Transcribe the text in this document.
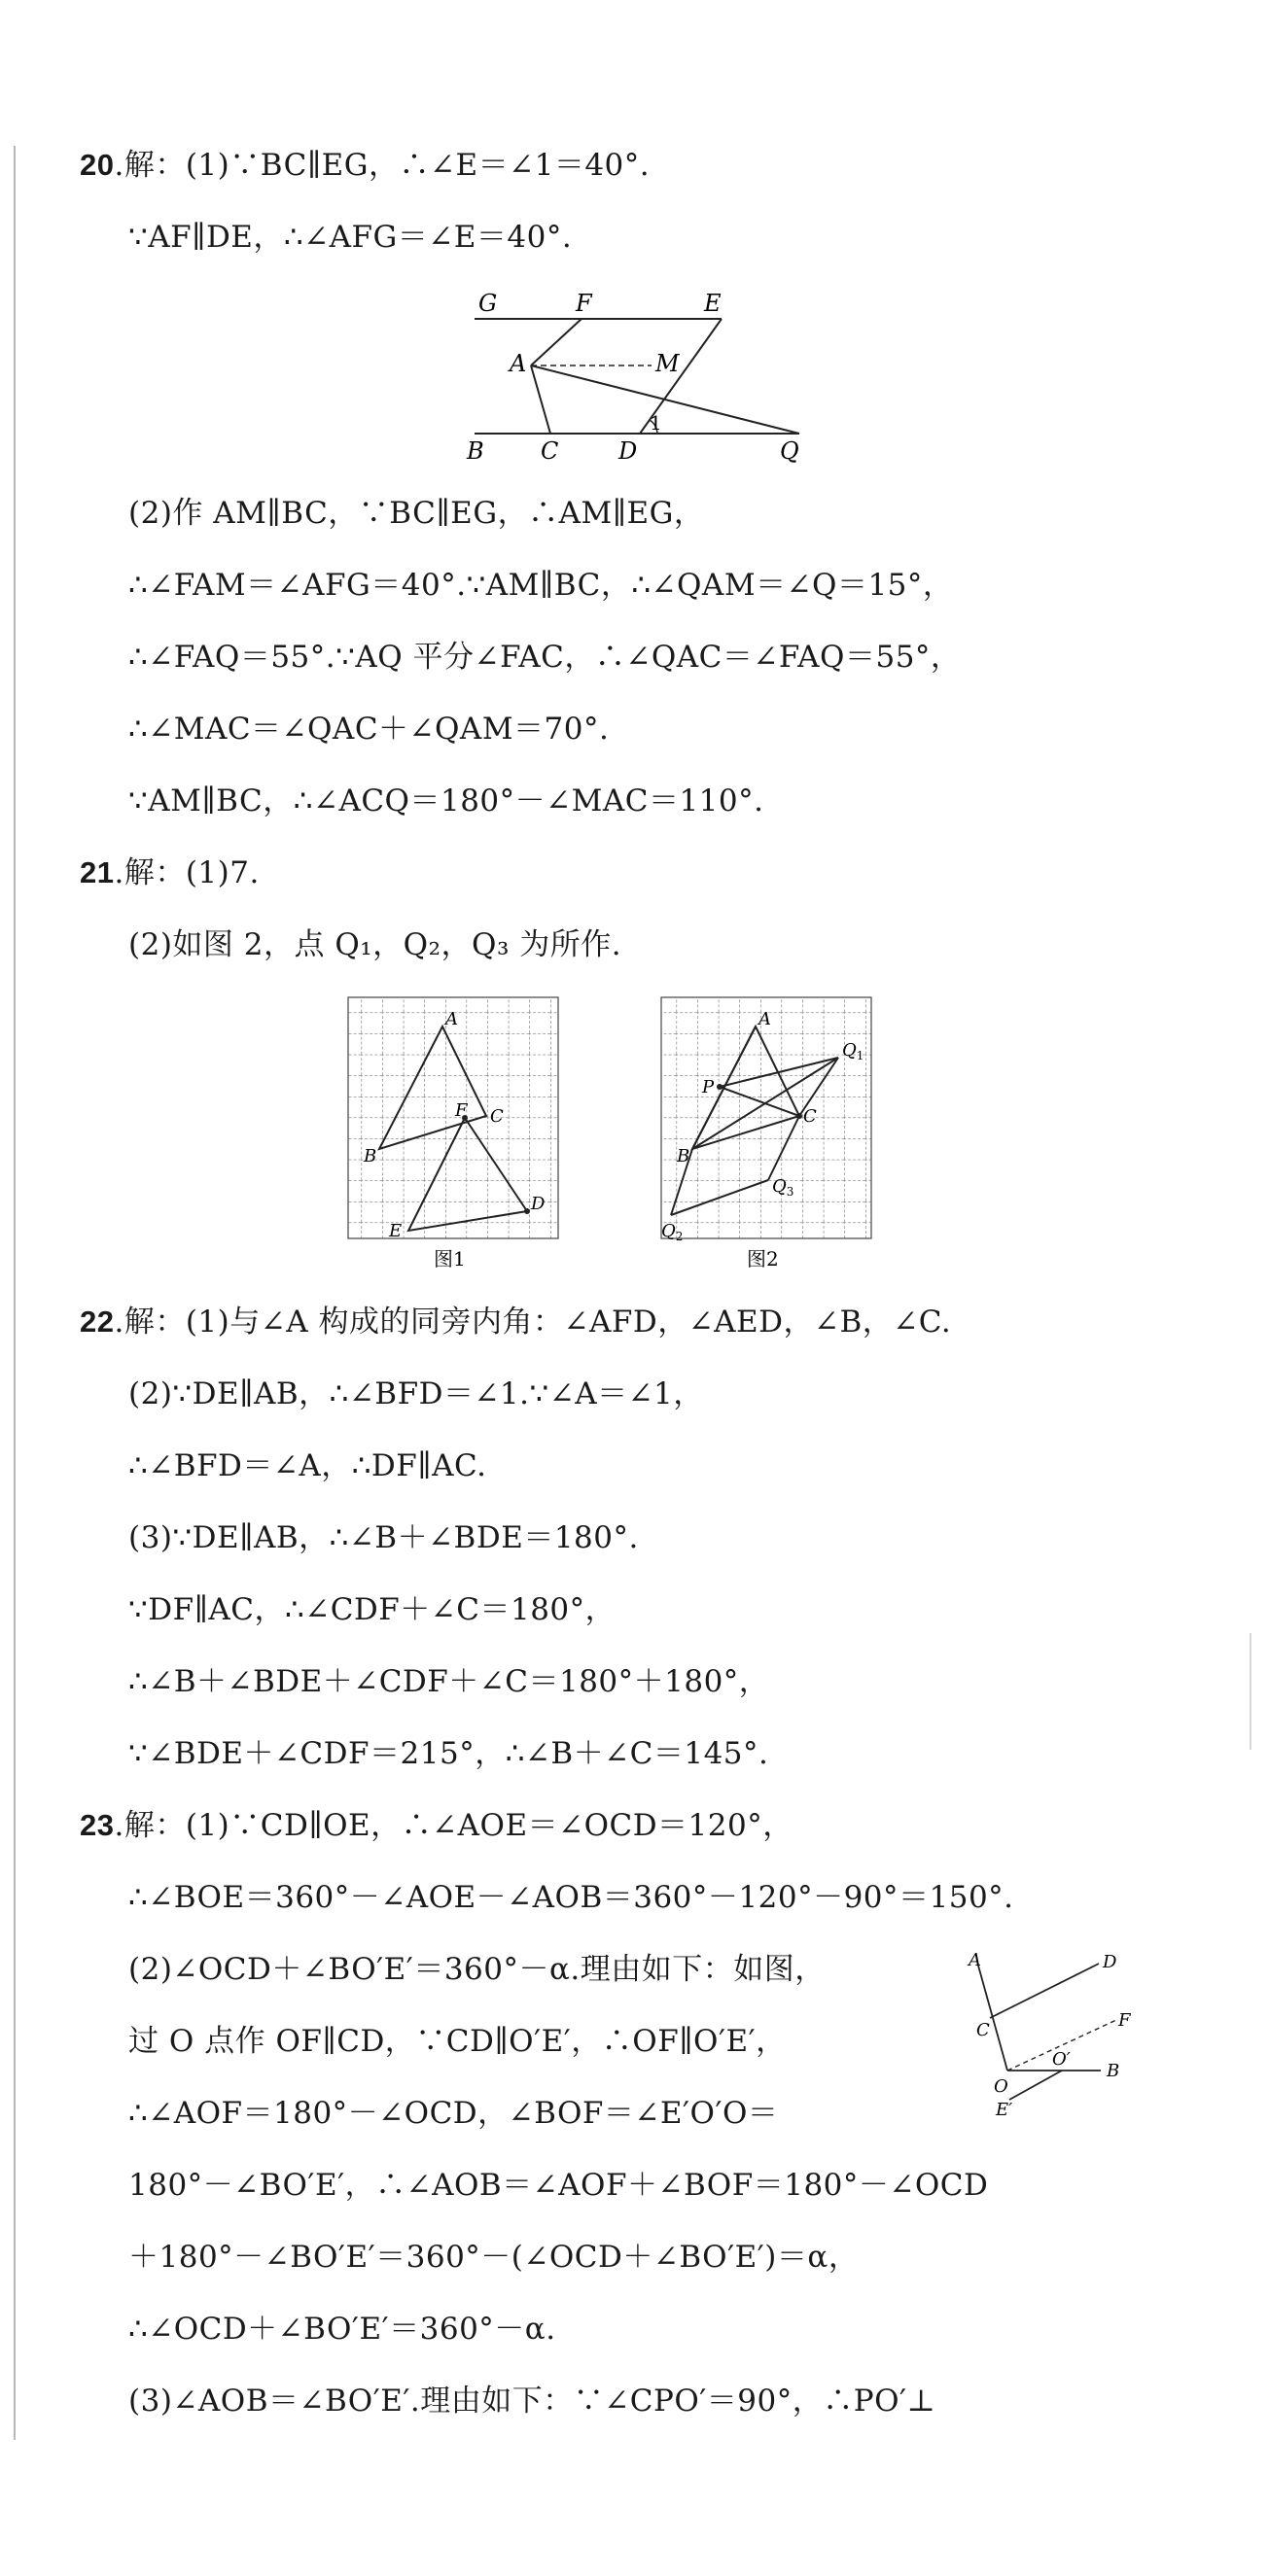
20.解：(1)∵BC∥EG，∴∠E＝∠1＝40°.
∵AF∥DE，∴∠AFG＝∠E＝40°.
G	F	E
A	M
1
B C	D	Q
(2)作 AM∥BC，∵BC∥EG，∴AM∥EG，
∴∠FAM＝∠AFG＝40°.∵AM∥BC，∴∠QAM＝∠Q＝15°，
∴∠FAQ＝55°.∵AQ 平分∠FAC，∴∠QAC＝∠FAQ＝55°，
∴∠MAC＝∠QAC＋∠QAM＝70°.
∵AM∥BC，∴∠ACQ＝180°－∠MAC＝110°.
21.解：(1)7.
(2)如图 2，点 Q₁，Q₂，Q₃ 为所作.
A
B
C
F
D
E
图1
A
$Q_1$
P
C
B
$Q_3$
$Q_2$
图2
22.解：(1)与∠A 构成的同旁内角：∠AFD，∠AED，∠B，∠C.
(2)∵DE∥AB，∴∠BFD＝∠1.∵∠A＝∠1，
∴∠BFD＝∠A，∴DF∥AC.
(3)∵DE∥AB，∴∠B＋∠BDE＝180°.
∵DF∥AC，∴∠CDF＋∠C＝180°，
∴∠B＋∠BDE＋∠CDF＋∠C＝180°＋180°，
∵∠BDE＋∠CDF＝215°，∴∠B＋∠C＝145°.
23.解：(1)∵CD∥OE，∴∠AOE＝∠OCD＝120°，
∴∠BOE＝360°－∠AOE－∠AOB＝360°－120°－90°＝150°.
(2)∠OCD＋∠BO′E′＝360°－α.理由如下：如图，
过 O 点作 OF∥CD，∵CD∥O′E′，∴OF∥O′E′，
∴∠AOF＝180°－∠OCD，∠BOF＝∠E′O′O＝
180°－∠BO′E′，∴∠AOB＝∠AOF＋∠BOF＝180°－∠OCD
＋180°－∠BO′E′＝360°－(∠OCD＋∠BO′E′)＝α，
∴∠OCD＋∠BO′E′＝360°－α.
(3)∠AOB＝∠BO′E′.理由如下：∵∠CPO′＝90°，∴PO′⊥
A	D
C	F
O
O′
B
E′
